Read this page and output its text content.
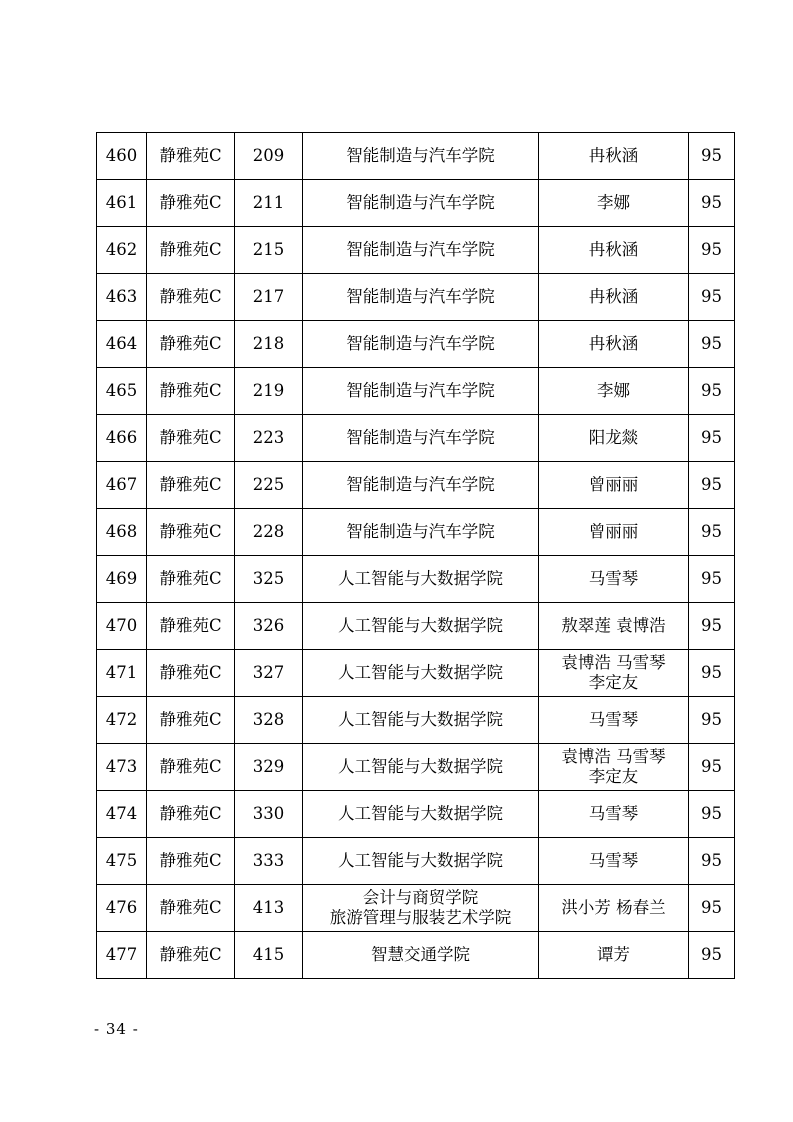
460	静雅苑C	209	智能制造与汽车学院	冉秋涵	95
461	静雅苑C	211	智能制造与汽车学院	李娜	95
462	静雅苑C	215	智能制造与汽车学院	冉秋涵	95
463	静雅苑C	217	智能制造与汽车学院	冉秋涵	95
464	静雅苑C	218	智能制造与汽车学院	冉秋涵	95
465	静雅苑C	219	智能制造与汽车学院	李娜	95
466	静雅苑C	223	智能制造与汽车学院	阳龙燚	95
467	静雅苑C	225	智能制造与汽车学院	曾丽丽	95
468	静雅苑C	228	智能制造与汽车学院	曾丽丽	95
469	静雅苑C	325	人工智能与大数据学院	马雪琴	95
470	静雅苑C	326	人工智能与大数据学院	敖翠莲 袁博浩	95
471	静雅苑C	327	人工智能与大数据学院	袁博浩 马雪琴
李定友	95
472	静雅苑C	328	人工智能与大数据学院	马雪琴	95
473	静雅苑C	329	人工智能与大数据学院	袁博浩 马雪琴
李定友	95
474	静雅苑C	330	人工智能与大数据学院	马雪琴	95
475	静雅苑C	333	人工智能与大数据学院	马雪琴	95
476	静雅苑C	413	会计与商贸学院
旅游管理与服装艺术学院	洪小芳 杨春兰	95
477	静雅苑C	415	智慧交通学院	谭芳	95
- 34 -
